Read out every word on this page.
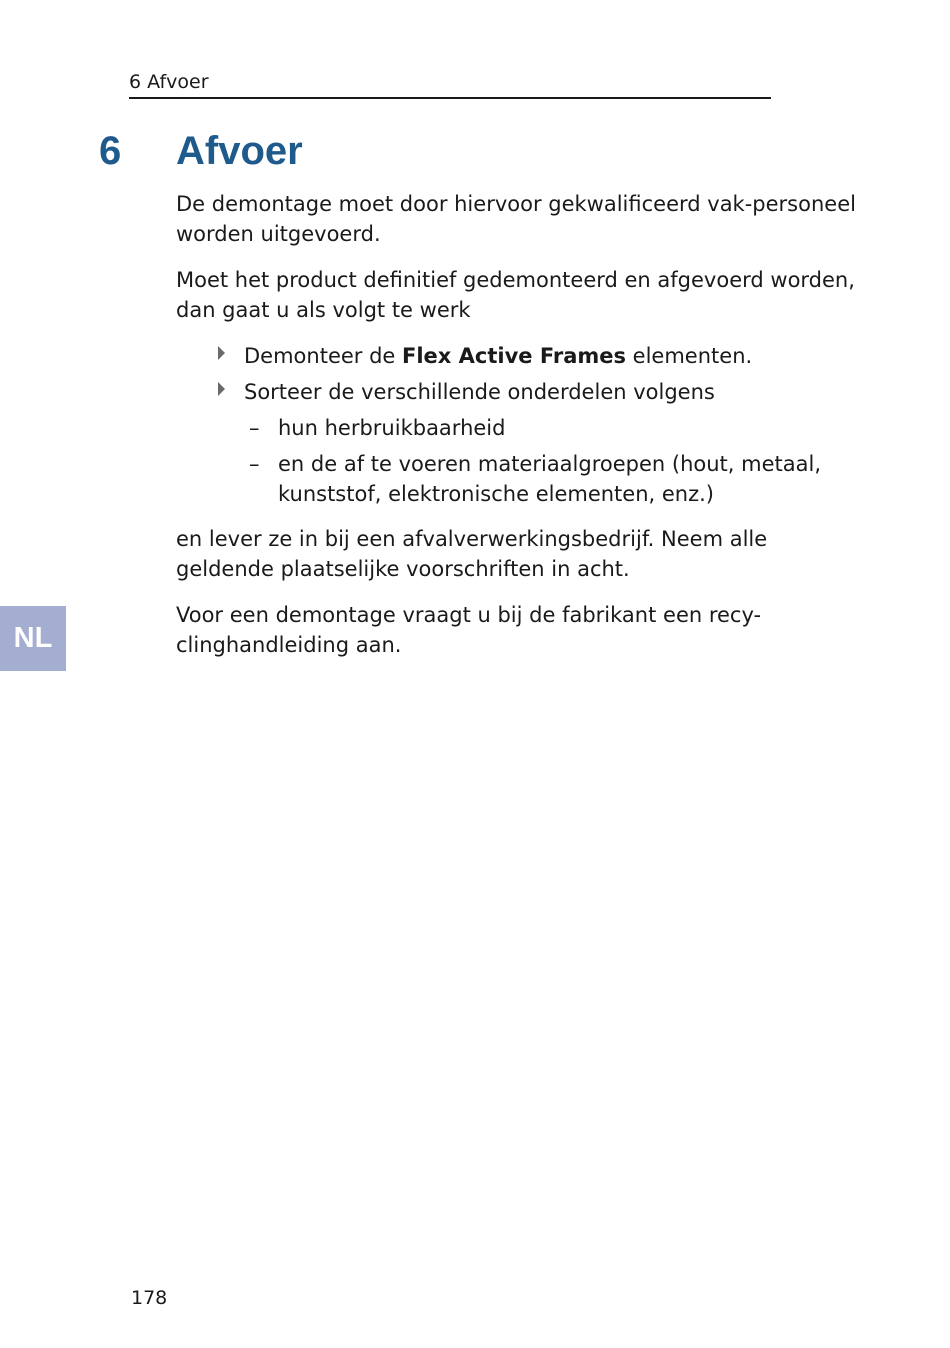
6 Afvoer
6 Afvoer

De demontage moet door hiervoor gekwalificeerd vak-personeel worden uitgevoerd.

Moet het product definitief gedemonteerd en afgevoerd worden, dan gaat u als volgt te werk

Demonteer de Flex Active Frames elementen.
Sorteer de verschillende onderdelen volgens
– hun herbruikbaarheid
– en de af te voeren materiaalgroepen (hout, metaal, kunststof, elektronische elementen, enz.)

en lever ze in bij een afvalverwerkingsbedrijf. Neem alle geldende plaatselijke voorschriften in acht.

Voor een demontage vraagt u bij de fabrikant een recy-clinghandleiding aan.

NL
178
